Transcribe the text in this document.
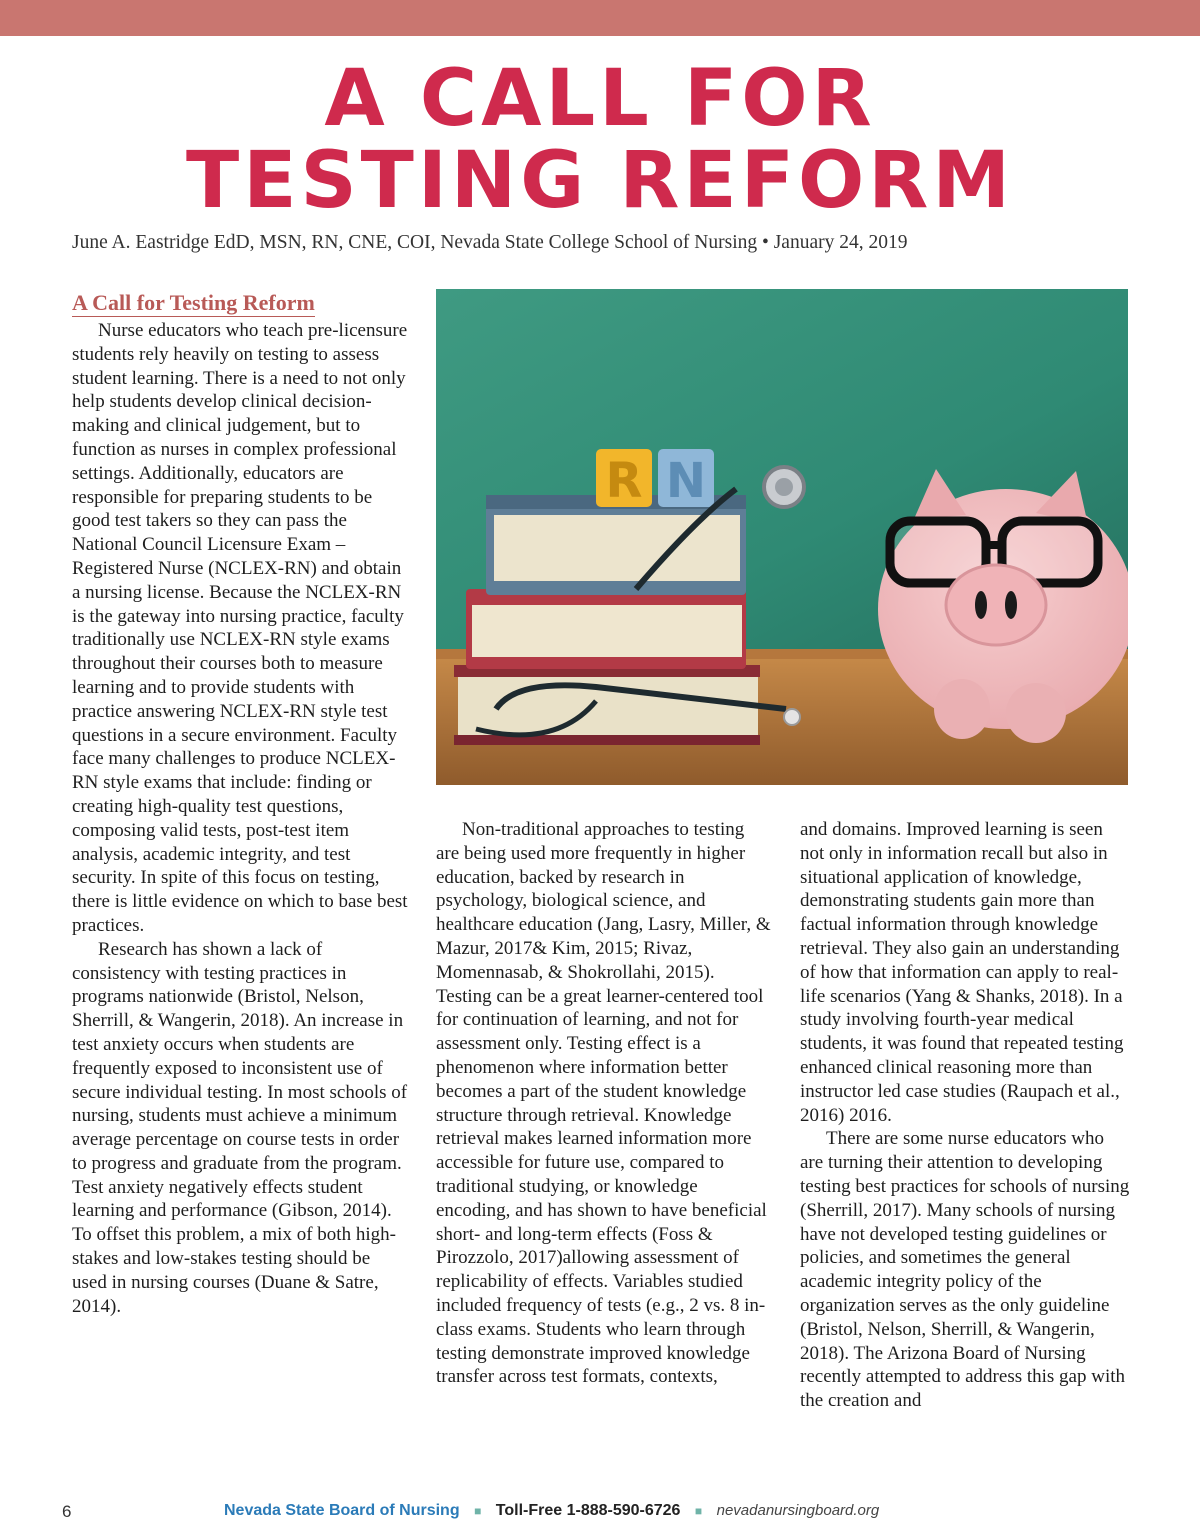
A CALL FOR
TESTING REFORM
June A. Eastridge EdD, MSN, RN, CNE, COI, Nevada State College School of Nursing • January 24, 2019
A Call for Testing Reform

Nurse educators who teach pre-licensure students rely heavily on testing to assess student learning. There is a need to not only help students develop clinical decision-making and clinical judgement, but to function as nurses in complex professional settings. Additionally, educators are responsible for preparing students to be good test takers so they can pass the National Council Licensure Exam – Registered Nurse (NCLEX-RN) and obtain a nursing license. Because the NCLEX-RN is the gateway into nursing practice, faculty traditionally use NCLEX-RN style exams throughout their courses both to measure learning and to provide students with practice answering NCLEX-RN style test questions in a secure environment. Faculty face many challenges to produce NCLEX-RN style exams that include: finding or creating high-quality test questions, composing valid tests, post-test item analysis, academic integrity, and test security. In spite of this focus on testing, there is little evidence on which to base best practices.

Research has shown a lack of consistency with testing practices in programs nationwide (Bristol, Nelson, Sherrill, & Wangerin, 2018). An increase in test anxiety occurs when students are frequently exposed to inconsistent use of secure individual testing. In most schools of nursing, students must achieve a minimum average percentage on course tests in order to progress and graduate from the program. Test anxiety negatively effects student learning and performance (Gibson, 2014). To offset this problem, a mix of both high-stakes and low-stakes testing should be used in nursing courses (Duane & Satre, 2014).

R N

Non-traditional approaches to testing are being used more frequently in higher education, backed by research in psychology, biological science, and healthcare education (Jang, Lasry, Miller, & Mazur, 2017& Kim, 2015; Rivaz, Momennasab, & Shokrollahi, 2015). Testing can be a great learner-centered tool for continuation of learning, and not for assessment only. Testing effect is a phenomenon where information better becomes a part of the student knowledge structure through retrieval. Knowledge retrieval makes learned information more accessible for future use, compared to traditional studying, or knowledge encoding, and has shown to have beneficial short- and long-term effects (Foss & Pirozzolo, 2017)allowing assessment of replicability of effects. Variables studied included frequency of tests (e.g., 2 vs. 8 in-class exams. Students who learn through testing demonstrate improved knowledge transfer across test formats, contexts,

and domains. Improved learning is seen not only in information recall but also in situational application of knowledge, demonstrating students gain more than factual information through knowledge retrieval. They also gain an understanding of how that information can apply to real-life scenarios (Yang & Shanks, 2018). In a study involving fourth-year medical students, it was found that repeated testing enhanced clinical reasoning more than instructor led case studies (Raupach et al., 2016) 2016.

There are some nurse educators who are turning their attention to developing testing best practices for schools of nursing (Sherrill, 2017). Many schools of nursing have not developed testing guidelines or policies, and sometimes the general academic integrity policy of the organization serves as the only guideline (Bristol, Nelson, Sherrill, & Wangerin, 2018). The Arizona Board of Nursing recently attempted to address this gap with the creation and

6	Nevada State Board of Nursing ■ Toll-Free 1-888-590-6726 ■ nevadanursingboard.org
